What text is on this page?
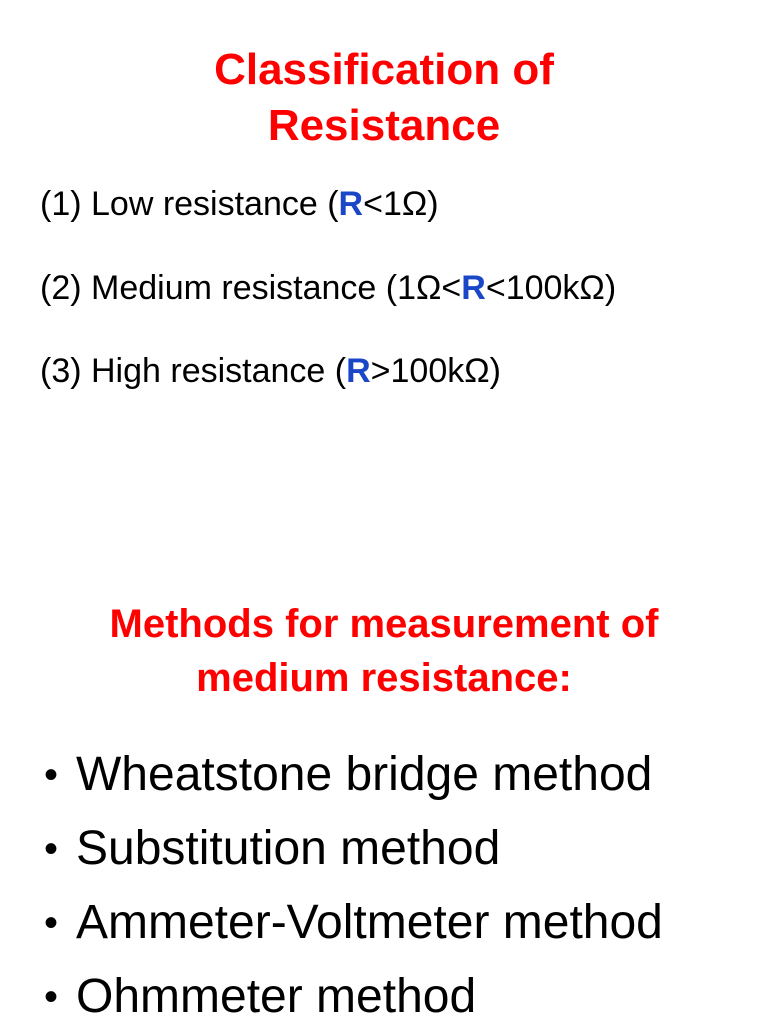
Classification of
Resistance
(1) Low resistance (R<1Ω)
(2) Medium resistance (1Ω<R<100kΩ)
(3) High resistance (R>100kΩ)
Methods for measurement of
medium resistance:
• Wheatstone bridge method
• Substitution method
• Ammeter-Voltmeter method
• Ohmmeter method
